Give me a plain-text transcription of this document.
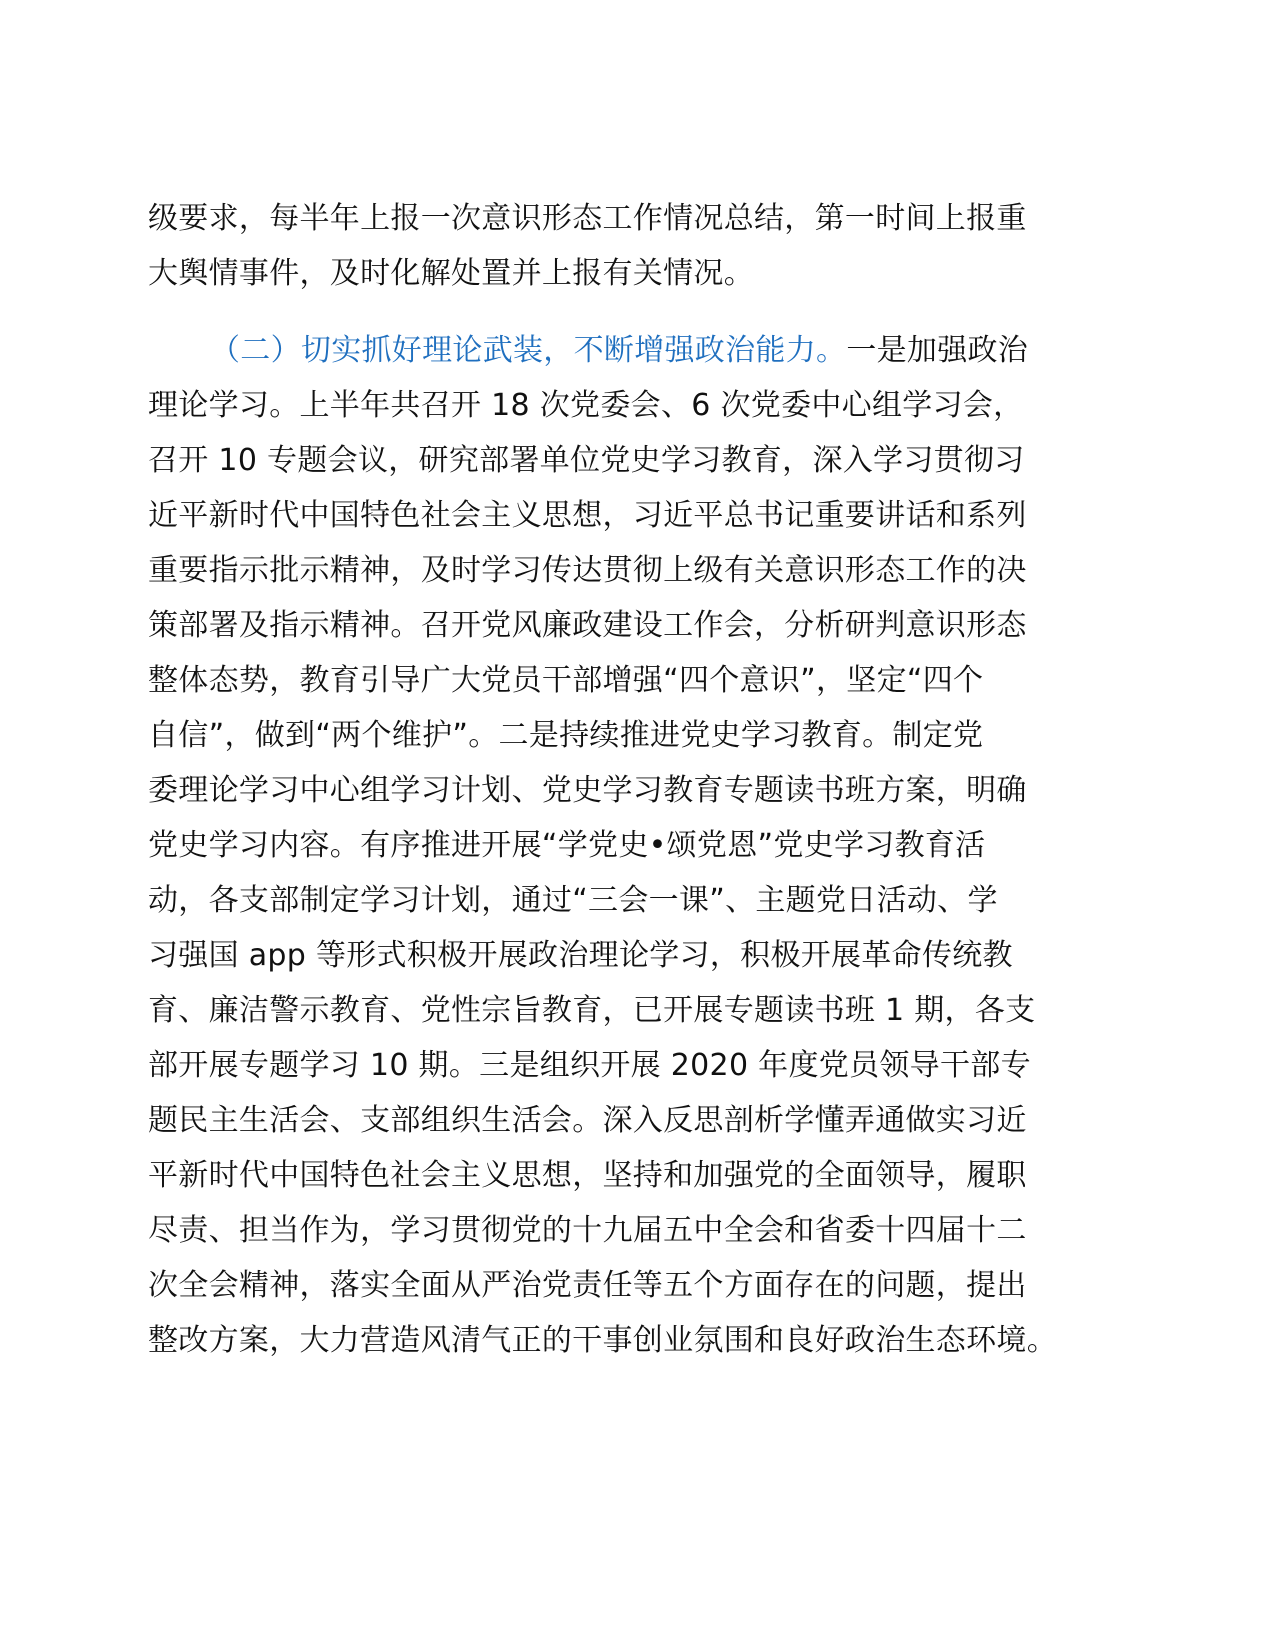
级要求，每半年上报一次意识形态工作情况总结，第一时间上报重
大舆情事件，及时化解处置并上报有关情况。
（二）切实抓好理论武装，不断增强政治能力。一是加强政治
理论学习。上半年共召开 18 次党委会、6 次党委中心组学习会，
召开 10 专题会议，研究部署单位党史学习教育，深入学习贯彻习
近平新时代中国特色社会主义思想，习近平总书记重要讲话和系列
重要指示批示精神，及时学习传达贯彻上级有关意识形态工作的决
策部署及指示精神。召开党风廉政建设工作会，分析研判意识形态
整体态势，教育引导广大党员干部增强“四个意识”，坚定“四个
自信”，做到“两个维护”。二是持续推进党史学习教育。制定党
委理论学习中心组学习计划、党史学习教育专题读书班方案，明确
党史学习内容。有序推进开展“学党史•颂党恩”党史学习教育活
动，各支部制定学习计划，通过“三会一课”、主题党日活动、学
习强国 app 等形式积极开展政治理论学习，积极开展革命传统教
育、廉洁警示教育、党性宗旨教育，已开展专题读书班 1 期，各支
部开展专题学习 10 期。三是组织开展 2020 年度党员领导干部专
题民主生活会、支部组织生活会。深入反思剖析学懂弄通做实习近
平新时代中国特色社会主义思想，坚持和加强党的全面领导，履职
尽责、担当作为，学习贯彻党的十九届五中全会和省委十四届十二
次全会精神，落实全面从严治党责任等五个方面存在的问题，提出
整改方案，大力营造风清气正的干事创业氛围和良好政治生态环境。
